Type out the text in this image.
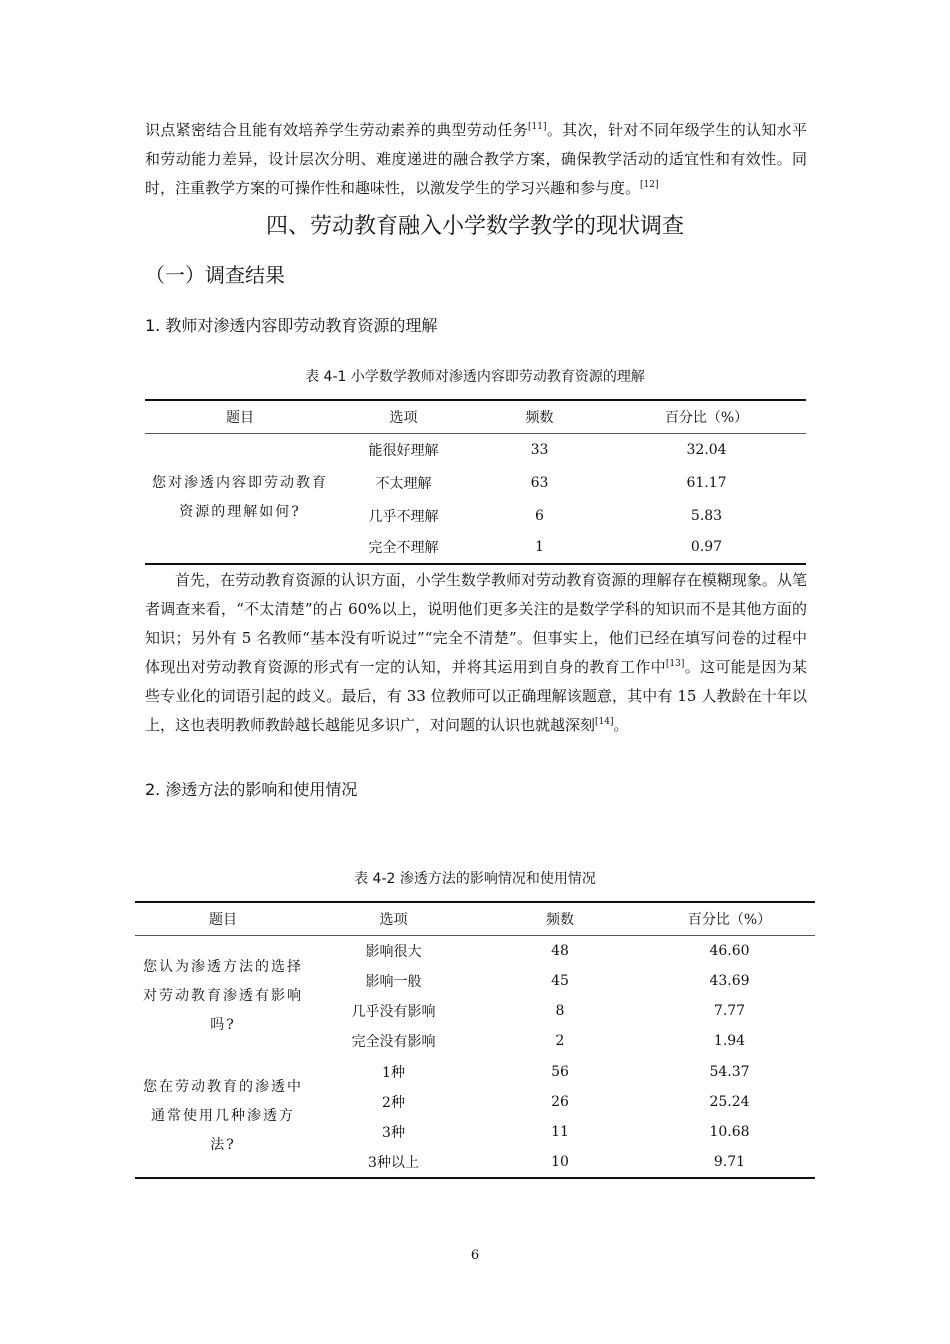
识点紧密结合且能有效培养学生劳动素养的典型劳动任务[11]。其次，针对不同年级学生的认知水平和劳动能力差异，设计层次分明、难度递进的融合教学方案，确保教学活动的适宜性和有效性。同时，注重教学方案的可操作性和趣味性，以激发学生的学习兴趣和参与度。[12]

四、劳动教育融入小学数学教学的现状调查
（一）调查结果
1. 教师对渗透内容即劳动教育资源的理解

表 4-1 小学数学教师对渗透内容即劳动教育资源的理解

题目	选项	频数	百分比（%）
您对渗透内容即劳动教育资源的理解如何?	能很好理解	33	32.04
	不太理解	63	61.17
	几乎不理解	6	5.83
	完全不理解	1	0.97

首先，在劳动教育资源的认识方面，小学生数学教师对劳动教育资源的理解存在模糊现象。从笔者调查来看，“不太清楚”的占 60%以上，说明他们更多关注的是数学学科的知识而不是其他方面的知识；另外有 5 名教师“基本没有听说过”“完全不清楚”。但事实上，他们已经在填写问卷的过程中体现出对劳动教育资源的形式有一定的认知，并将其运用到自身的教育工作中[13]。这可能是因为某些专业化的词语引起的歧义。最后，有 33 位教师可以正确理解该题意，其中有 15 人教龄在十年以上，这也表明教师教龄越长越能见多识广，对问题的认识也就越深刻[14]。

2. 渗透方法的影响和使用情况

表 4-2 渗透方法的影响情况和使用情况

题目	选项	频数	百分比（%）
您认为渗透方法的选择对劳动教育渗透有影响吗?	影响很大	48	46.60
	影响一般	45	43.69
	几乎没有影响	8	7.77
	完全没有影响	2	1.94
您在劳动教育的渗透中通常使用几种渗透方法?	1种	56	54.37
	2种	26	25.24
	3种	11	10.68
	3种以上	10	9.71

6
